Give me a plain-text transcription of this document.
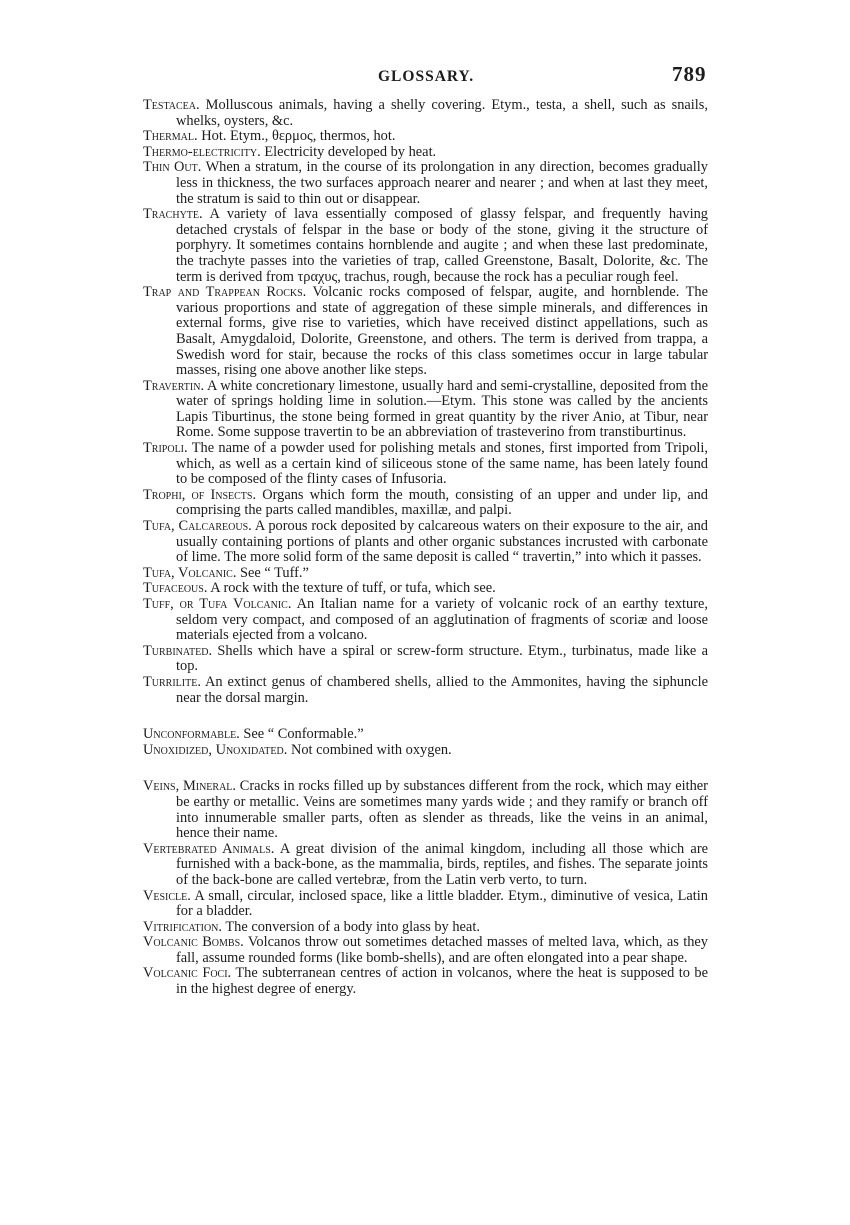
GLOSSARY.	789

Testacea. Molluscous animals, having a shelly covering. Etym., testa, a shell, such as snails, whelks, oysters, &c.

Thermal. Hot. Etym., θερμος, thermos, hot.

Thermo-electricity. Electricity developed by heat.

Thin Out. When a stratum, in the course of its prolongation in any direction, becomes gradually less in thickness, the two surfaces approach nearer and nearer ; and when at last they meet, the stratum is said to thin out or disappear.

Trachyte. A variety of lava essentially composed of glassy felspar, and frequently having detached crystals of felspar in the base or body of the stone, giving it the structure of porphyry. It sometimes contains hornblende and augite ; and when these last predominate, the trachyte passes into the varieties of trap, called Greenstone, Basalt, Dolorite, &c. The term is derived from τραχυς, trachus, rough, because the rock has a peculiar rough feel.

Trap and Trappean Rocks. Volcanic rocks composed of felspar, augite, and hornblende. The various proportions and state of aggregation of these simple minerals, and differences in external forms, give rise to varieties, which have received distinct appellations, such as Basalt, Amygdaloid, Dolorite, Greenstone, and others. The term is derived from trappa, a Swedish word for stair, because the rocks of this class sometimes occur in large tabular masses, rising one above another like steps.

Travertin. A white concretionary limestone, usually hard and semi-crystalline, deposited from the water of springs holding lime in solution.—Etym. This stone was called by the ancients Lapis Tiburtinus, the stone being formed in great quantity by the river Anio, at Tibur, near Rome. Some suppose travertin to be an abbreviation of trasteverino from transtiburtinus.

Tripoli. The name of a powder used for polishing metals and stones, first imported from Tripoli, which, as well as a certain kind of siliceous stone of the same name, has been lately found to be composed of the flinty cases of Infusoria.

Trophi, of Insects. Organs which form the mouth, consisting of an upper and under lip, and comprising the parts called mandibles, maxillæ, and palpi.

Tufa, Calcareous. A porous rock deposited by calcareous waters on their exposure to the air, and usually containing portions of plants and other organic substances incrusted with carbonate of lime. The more solid form of the same deposit is called “ travertin,” into which it passes.

Tufa, Volcanic. See “ Tuff.”

Tufaceous. A rock with the texture of tuff, or tufa, which see.

Tuff, or Tufa Volcanic. An Italian name for a variety of volcanic rock of an earthy texture, seldom very compact, and composed of an agglutination of fragments of scoriæ and loose materials ejected from a volcano.

Turbinated. Shells which have a spiral or screw-form structure. Etym., turbinatus, made like a top.

Turrilite. An extinct genus of chambered shells, allied to the Ammonites, having the siphuncle near the dorsal margin.

Unconformable. See “ Conformable.”

Unoxidized, Unoxidated. Not combined with oxygen.

Veins, Mineral. Cracks in rocks filled up by substances different from the rock, which may either be earthy or metallic. Veins are sometimes many yards wide ; and they ramify or branch off into innumerable smaller parts, often as slender as threads, like the veins in an animal, hence their name.

Vertebrated Animals. A great division of the animal kingdom, including all those which are furnished with a back-bone, as the mammalia, birds, reptiles, and fishes. The separate joints of the back-bone are called vertebræ, from the Latin verb verto, to turn.

Vesicle. A small, circular, inclosed space, like a little bladder. Etym., diminutive of vesica, Latin for a bladder.

Vitrification. The conversion of a body into glass by heat.

Volcanic Bombs. Volcanos throw out sometimes detached masses of melted lava, which, as they fall, assume rounded forms (like bomb-shells), and are often elongated into a pear shape.

Volcanic Foci. The subterranean centres of action in volcanos, where the heat is supposed to be in the highest degree of energy.
